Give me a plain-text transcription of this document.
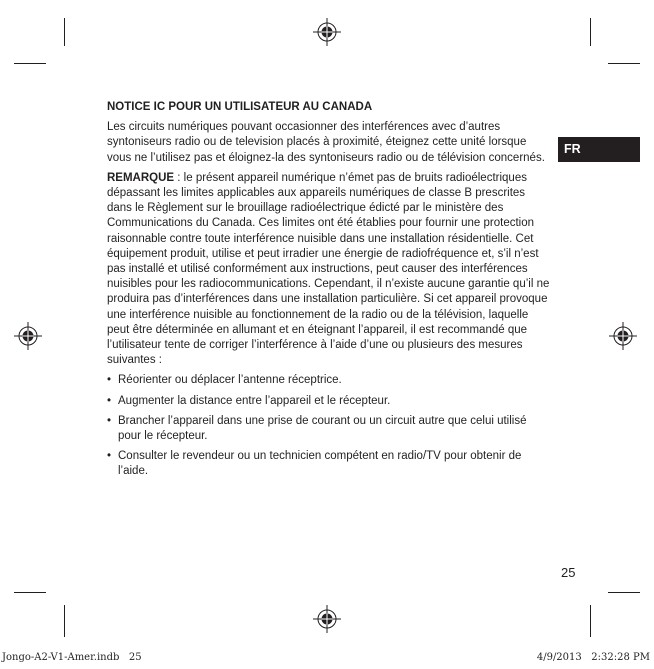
FR
NOTICE IC POUR UN UTILISATEUR AU CANADA

Les circuits numériques pouvant occasionner des interférences avec d’autres syntoniseurs radio ou de television placés à proximité, éteignez cette unité lorsque vous ne l’utilisez pas et éloignez-la des syntoniseurs radio ou de télévision concernés.

REMARQUE : le présent appareil numérique n’émet pas de bruits radioélectriques dépassant les limites applicables aux appareils numériques de classe B prescrites dans le Règlement sur le brouillage radioélectrique édicté par le ministère des Communications du Canada. Ces limites ont été établies pour fournir une protection raisonnable contre toute interférence nuisible dans une installation résidentielle. Cet équipement produit, utilise et peut irradier une énergie de radiofréquence et, s’il n’est pas installé et utilisé conformément aux instructions, peut causer des interférences nuisibles pour les radiocommunications. Cependant, il n’existe aucune garantie qu’il ne produira pas d’interférences dans une installation particulière. Si cet appareil provoque une interférence nuisible au fonctionnement de la radio ou de la télévision, laquelle peut être déterminée en allumant et en éteignant l’appareil, il est recommandé que l’utilisateur tente de corriger l’interférence à l’aide d’une ou plusieurs des mesures suivantes :

• Réorienter ou déplacer l’antenne réceptrice.
• Augmenter la distance entre l’appareil et le récepteur.
• Brancher l’appareil dans une prise de courant ou un circuit autre que celui utilisé pour le récepteur.
• Consulter le revendeur ou un technicien compétent en radio/TV pour obtenir de l’aide.
25
Jongo-A2-V1-Amer.indb   25	4/9/2013   2:32:28 PM
